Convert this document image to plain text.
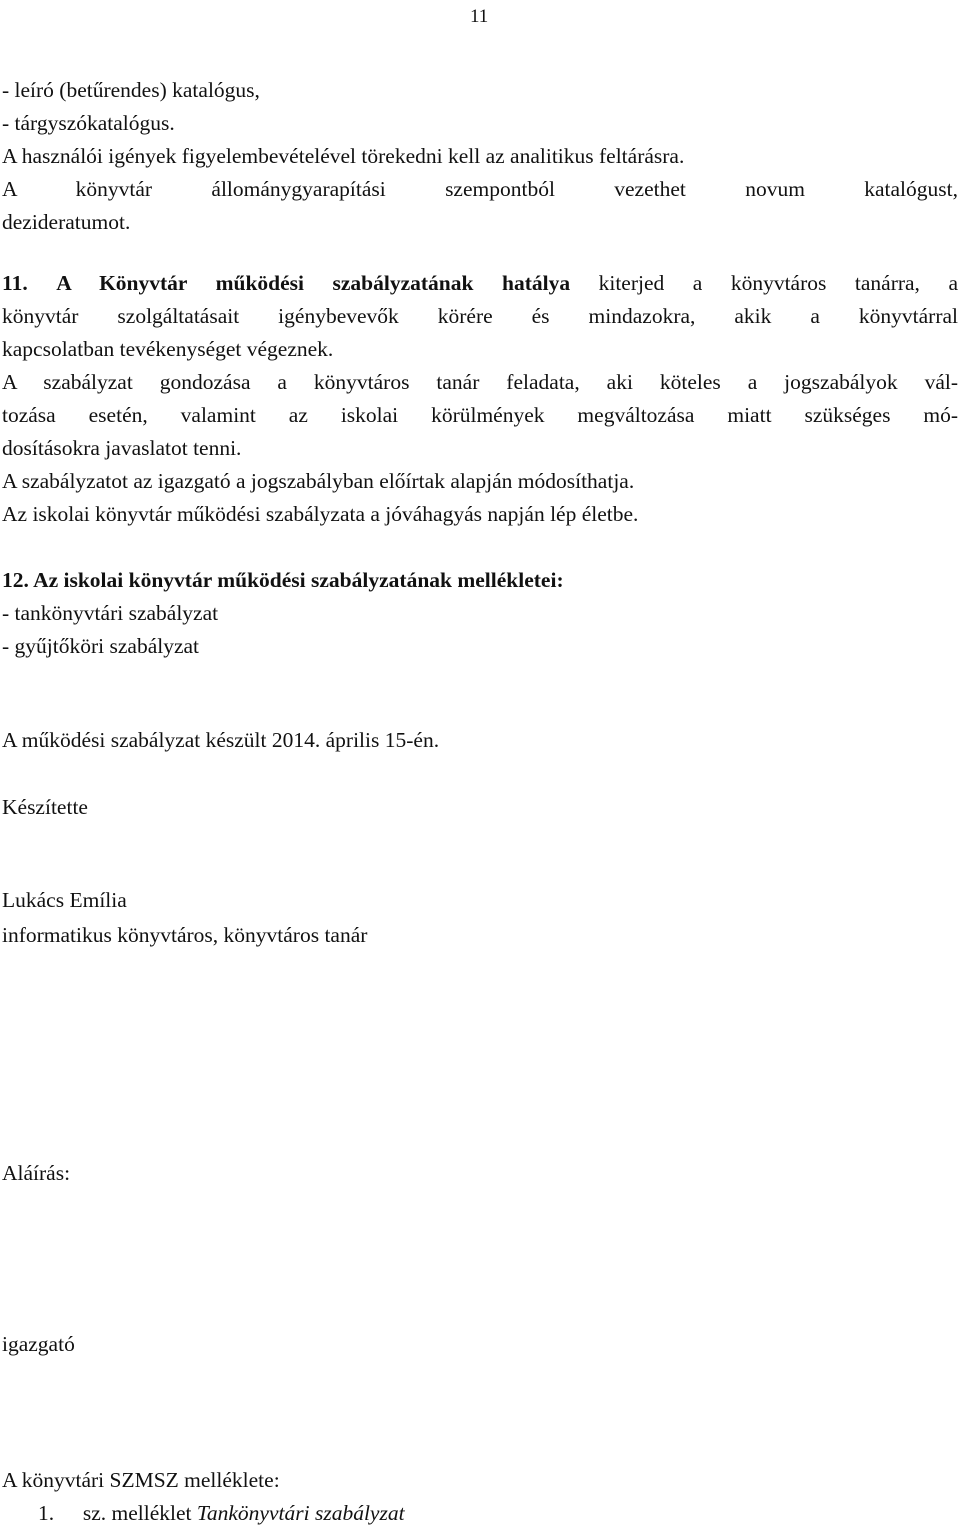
11
- leíró (betűrendes) katalógus,
- tárgyszókatalógus.
A használói igények figyelembevételével törekedni kell az analitikus feltárásra.
A könyvtár állománygyarapítási szempontból vezethet novum katalógust,
dezideratumot.
11. A Könyvtár működési szabályzatának hatálya kiterjed a könyvtáros tanárra, a
könyvtár szolgáltatásait igénybevevők körére és mindazokra, akik a könyvtárral
kapcsolatban tevékenységet végeznek.
A szabályzat gondozása a könyvtáros tanár feladata, aki köteles a jogszabályok vál-
tozása esetén, valamint az iskolai körülmények megváltozása miatt szükséges mó-
dosításokra javaslatot tenni.
A szabályzatot az igazgató a jogszabályban előírtak alapján módosíthatja.
Az iskolai könyvtár működési szabályzata a jóváhagyás napján lép életbe.
12. Az iskolai könyvtár működési szabályzatának mellékletei:
- tankönyvtári szabályzat
- gyűjtőköri szabályzat
A működési szabályzat készült 2014. április 15-én.
Készítette
Lukács Emília
informatikus könyvtáros, könyvtáros tanár
Aláírás:
igazgató
A könyvtári SZMSZ melléklete:
1. sz. melléklet Tankönyvtári szabályzat
